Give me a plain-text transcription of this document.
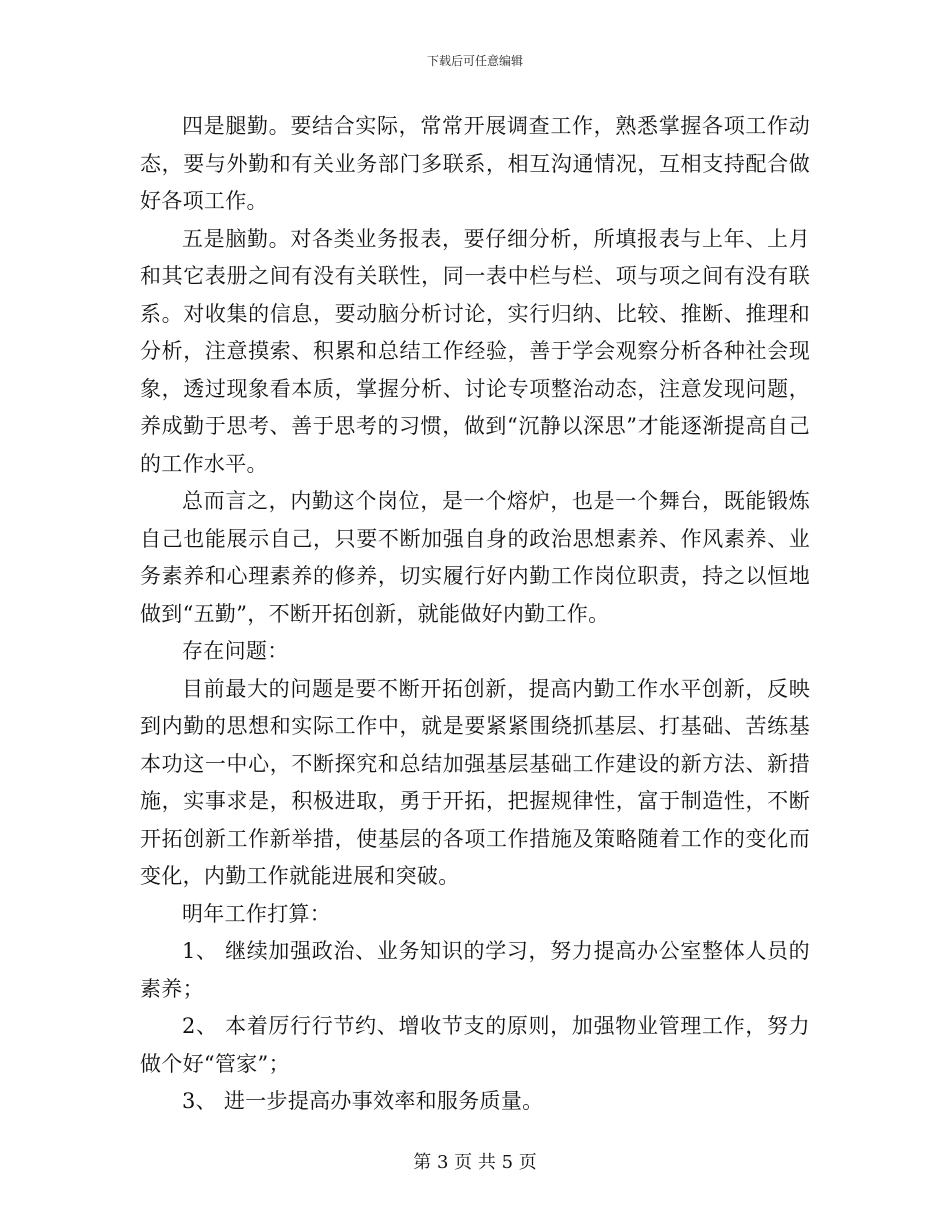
下载后可任意编辑

四是腿勤。要结合实际，常常开展调查工作，熟悉掌握各项工作动态，要与外勤和有关业务部门多联系，相互沟通情况，互相支持配合做好各项工作。

五是脑勤。对各类业务报表，要仔细分析，所填报表与上年、上月和其它表册之间有没有关联性，同一表中栏与栏、项与项之间有没有联系。对收集的信息，要动脑分析讨论，实行归纳、比较、推断、推理和分析，注意摸索、积累和总结工作经验，善于学会观察分析各种社会现象，透过现象看本质，掌握分析、讨论专项整治动态，注意发现问题，养成勤于思考、善于思考的习惯，做到“沉静以深思”才能逐渐提高自己的工作水平。

总而言之，内勤这个岗位，是一个熔炉，也是一个舞台，既能锻炼自己也能展示自己，只要不断加强自身的政治思想素养、作风素养、业务素养和心理素养的修养，切实履行好内勤工作岗位职责，持之以恒地做到“五勤”，不断开拓创新，就能做好内勤工作。

存在问题：

目前最大的问题是要不断开拓创新，提高内勤工作水平创新，反映到内勤的思想和实际工作中，就是要紧紧围绕抓基层、打基础、苦练基本功这一中心，不断探究和总结加强基层基础工作建设的新方法、新措施，实事求是，积极进取，勇于开拓，把握规律性，富于制造性，不断开拓创新工作新举措，使基层的各项工作措施及策略随着工作的变化而变化，内勤工作就能进展和突破。

明年工作打算：

1、 继续加强政治、业务知识的学习，努力提高办公室整体人员的素养；

2、 本着厉行行节约、增收节支的原则，加强物业管理工作，努力做个好“管家”；

3、 进一步提高办事效率和服务质量。

第 3 页 共 5 页
